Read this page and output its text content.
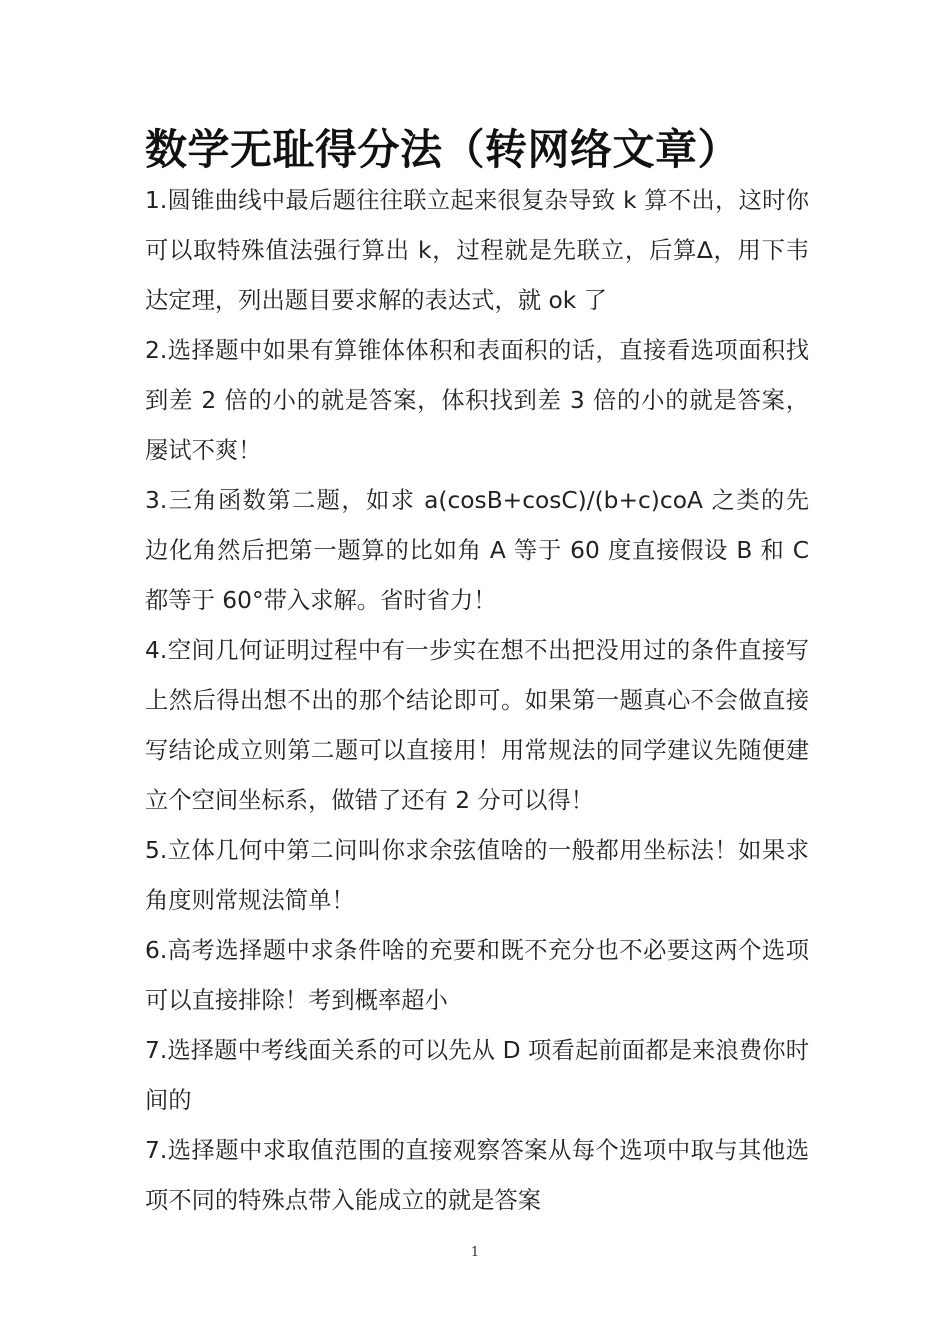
数学无耻得分法（转网络文章）

1.圆锥曲线中最后题往往联立起来很复杂导致 k 算不出，这时你可以取特殊值法强行算出 k，过程就是先联立，后算∆，用下韦达定理，列出题目要求解的表达式，就 ok 了

2.选择题中如果有算锥体体积和表面积的话，直接看选项面积找到差 2 倍的小的就是答案，体积找到差 3 倍的小的就是答案，屡试不爽！

3.三角函数第二题，如求 a(cosB+cosC)/(b+c)coA 之类的先边化角然后把第一题算的比如角 A 等于 60 度直接假设 B 和 C 都等于 60°带入求解。省时省力！

4.空间几何证明过程中有一步实在想不出把没用过的条件直接写上然后得出想不出的那个结论即可。如果第一题真心不会做直接写结论成立则第二题可以直接用！用常规法的同学建议先随便建立个空间坐标系，做错了还有 2 分可以得！

5.立体几何中第二问叫你求余弦值啥的一般都用坐标法！如果求角度则常规法简单！

6.高考选择题中求条件啥的充要和既不充分也不必要这两个选项可以直接排除！考到概率超小

7.选择题中考线面关系的可以先从 D 项看起前面都是来浪费你时间的

7.选择题中求取值范围的直接观察答案从每个选项中取与其他选项不同的特殊点带入能成立的就是答案

1
